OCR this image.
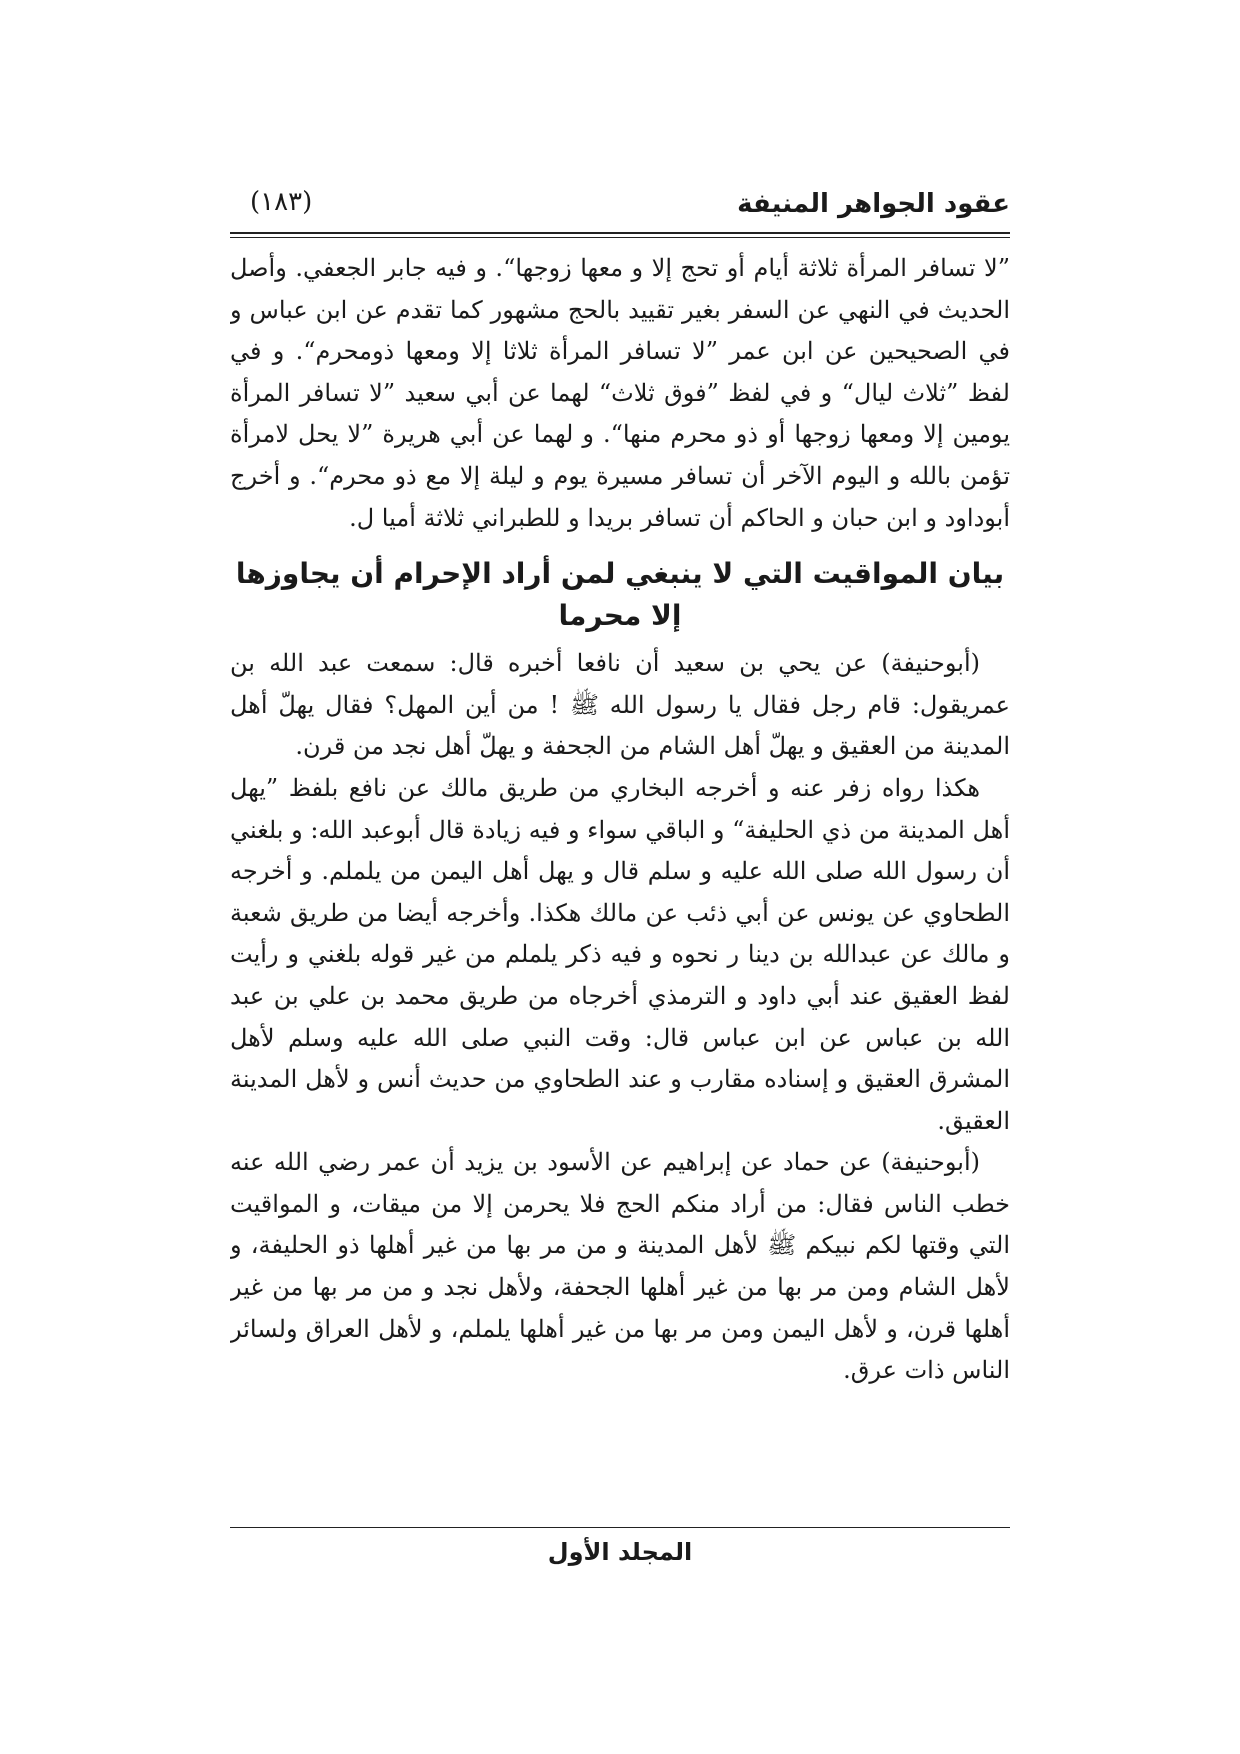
عقود الجواهر المنيفة
(١٨٣)

”لا تسافر المرأة ثلاثة أيام أو تحج إلا و معها زوجها“. و فيه جابر الجعفي. وأصل الحديث في النهي عن السفر بغير تقييد بالحج مشهور كما تقدم عن ابن عباس و في الصحيحين عن ابن عمر ”لا تسافر المرأة ثلاثا إلا ومعها ذومحرم“. و في لفظ ”ثلاث ليال“ و في لفظ ”فوق ثلاث“ لهما عن أبي سعيد ”لا تسافر المرأة يومين إلا ومعها زوجها أو ذو محرم منها“. و لهما عن أبي هريرة ”لا يحل لامرأة تؤمن بالله و اليوم الآخر أن تسافر مسيرة يوم و ليلة إلا مع ذو محرم“. و أخرج أبوداود و ابن حبان و الحاكم أن تسافر بريدا و للطبراني ثلاثة أميا ل.

بيان المواقيت التي لا ينبغي لمن أراد الإحرام أن يجاوزها إلا محرما

(أبوحنيفة) عن يحي بن سعيد أن نافعا أخبره قال: سمعت عبد الله بن عمريقول: قام رجل فقال يا رسول الله ﷺ ! من أين المهل؟ فقال يهلّ أهل المدينة من العقيق و يهلّ أهل الشام من الجحفة و يهلّ أهل نجد من قرن.

هكذا رواه زفر عنه و أخرجه البخاري من طريق مالك عن نافع بلفظ ”يهل أهل المدينة من ذي الحليفة“ و الباقي سواء و فيه زيادة قال أبوعبد الله: و بلغني أن رسول الله صلى الله عليه و سلم قال و يهل أهل اليمن من يلملم. و أخرجه الطحاوي عن يونس عن أبي ذئب عن مالك هكذا. وأخرجه أيضا من طريق شعبة و مالك عن عبدالله بن دينا ر نحوه و فيه ذكر يلملم من غير قوله بلغني و رأيت لفظ العقيق عند أبي داود و الترمذي أخرجاه من طريق محمد بن علي بن عبد الله بن عباس عن ابن عباس قال: وقت النبي صلى الله عليه وسلم لأهل المشرق العقيق و إسناده مقارب و عند الطحاوي من حديث أنس و لأهل المدينة العقيق.

(أبوحنيفة) عن حماد عن إبراهيم عن الأسود بن يزيد أن عمر رضي الله عنه خطب الناس فقال: من أراد منكم الحج فلا يحرمن إلا من ميقات، و المواقيت التي وقتها لكم نبيكم ﷺ لأهل المدينة و من مر بها من غير أهلها ذو الحليفة، و لأهل الشام ومن مر بها من غير أهلها الجحفة، ولأهل نجد و من مر بها من غير أهلها قرن، و لأهل اليمن ومن مر بها من غير أهلها يلملم، و لأهل العراق ولسائر الناس ذات عرق.

المجلد الأول
